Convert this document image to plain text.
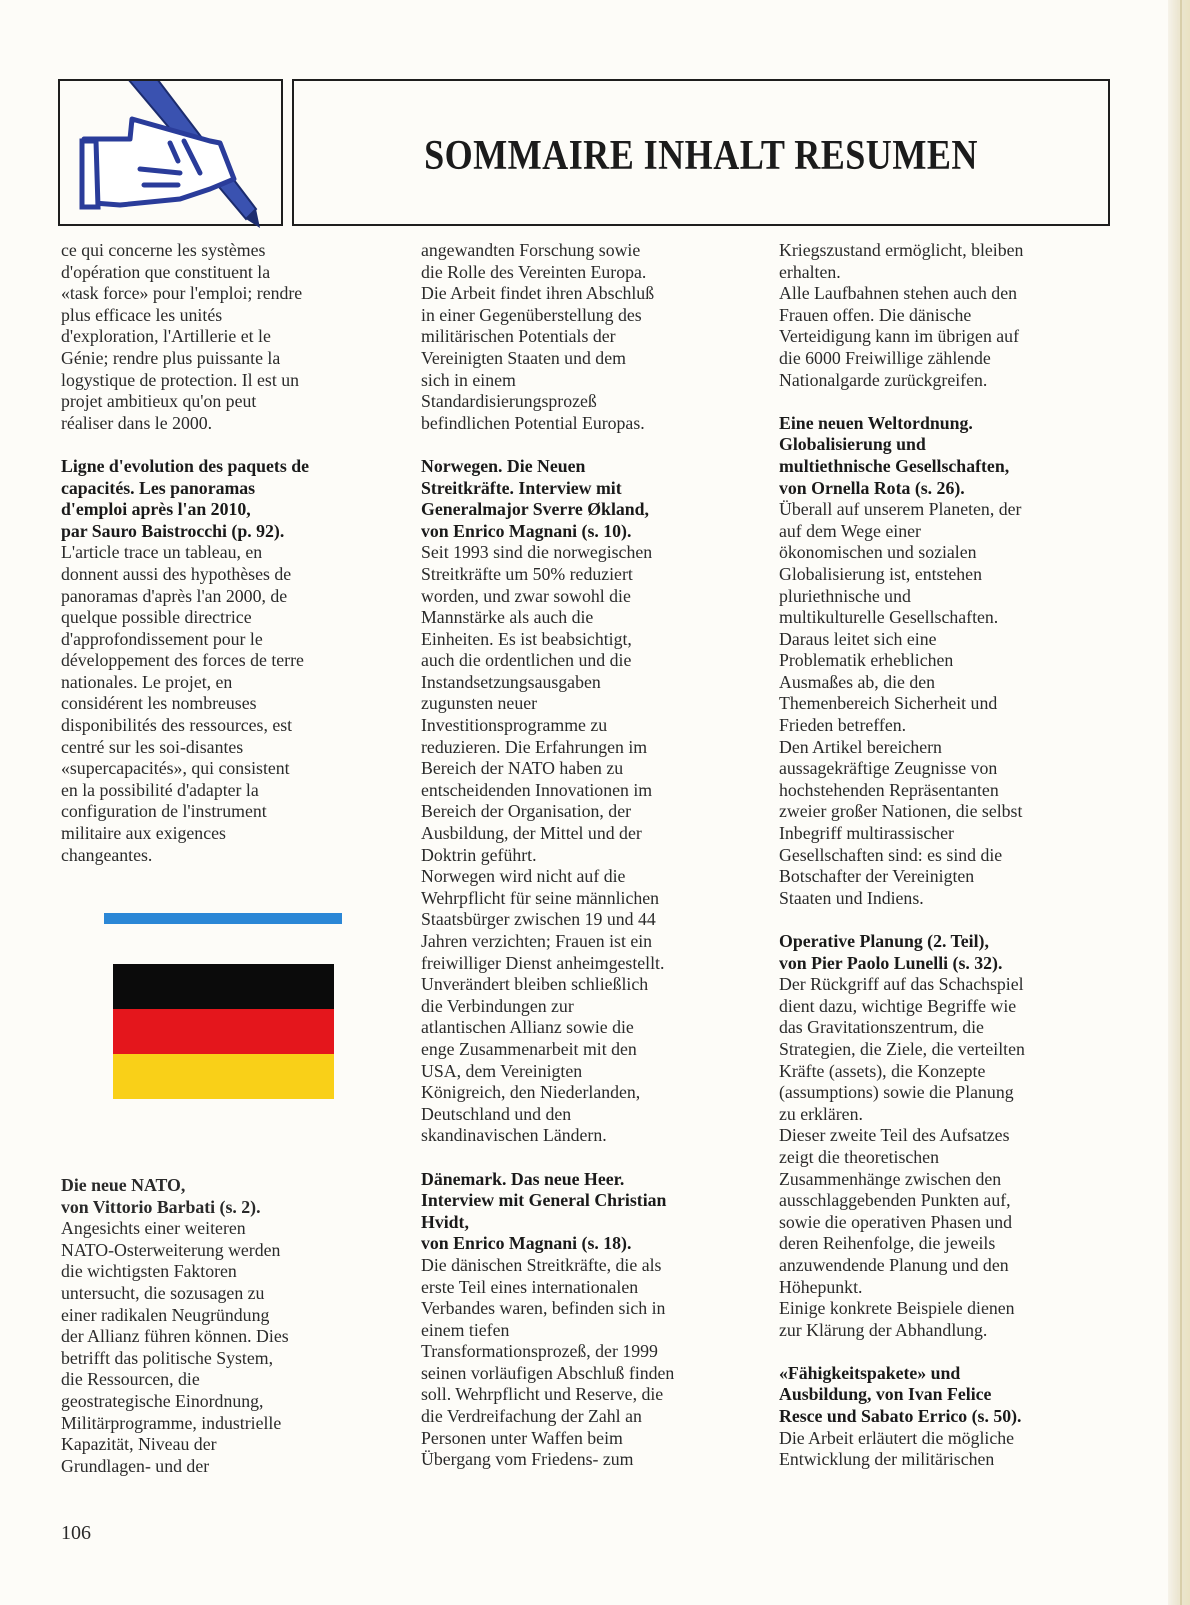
SOMMAIRE INHALT RESUMEN

ce qui concerne les systèmes

d'opération que constituent la

«task force» pour l'emploi; rendre

plus efficace les unités

d'exploration, l'Artillerie et le

Génie; rendre plus puissante la

logystique de protection. Il est un

projet ambitieux qu'on peut

réaliser dans le 2000.

Ligne d'evolution des paquets de

capacités. Les panoramas

d'emploi après l'an 2010,

par Sauro Baistrocchi (p. 92).

L'article trace un tableau, en

donnent aussi des hypothèses de

panoramas d'après l'an 2000, de

quelque possible directrice

d'approfondissement pour le

développement des forces de terre

nationales. Le projet, en

considérent les nombreuses

disponibilités des ressources, est

centré sur les soi-disantes

«supercapacités», qui consistent

en la possibilité d'adapter la

configuration de l'instrument

militaire aux exigences

changeantes.

Die neue NATO,

von Vittorio Barbati (s. 2).

Angesichts einer weiteren

NATO-Osterweiterung werden

die wichtigsten Faktoren

untersucht, die sozusagen zu

einer radikalen Neugründung

der Allianz führen können. Dies

betrifft das politische System,

die Ressourcen, die

geostrategische Einordnung,

Militärprogramme, industrielle

Kapazität, Niveau der

Grundlagen- und der

angewandten Forschung sowie

die Rolle des Vereinten Europa.

Die Arbeit findet ihren Abschluß

in einer Gegenüberstellung des

militärischen Potentials der

Vereinigten Staaten und dem

sich in einem

Standardisierungsprozeß

befindlichen Potential Europas.

Norwegen. Die Neuen

Streitkräfte. Interview mit

Generalmajor Sverre Økland,

von Enrico Magnani (s. 10).

Seit 1993 sind die norwegischen

Streitkräfte um 50% reduziert

worden, und zwar sowohl die

Mannstärke als auch die

Einheiten. Es ist beabsichtigt,

auch die ordentlichen und die

Instandsetzungsausgaben

zugunsten neuer

Investitionsprogramme zu

reduzieren. Die Erfahrungen im

Bereich der NATO haben zu

entscheidenden Innovationen im

Bereich der Organisation, der

Ausbildung, der Mittel und der

Doktrin geführt.

Norwegen wird nicht auf die

Wehrpflicht für seine männlichen

Staatsbürger zwischen 19 und 44

Jahren verzichten; Frauen ist ein

freiwilliger Dienst anheimgestellt.

Unverändert bleiben schließlich

die Verbindungen zur

atlantischen Allianz sowie die

enge Zusammenarbeit mit den

USA, dem Vereinigten

Königreich, den Niederlanden,

Deutschland und den

skandinavischen Ländern.

Dänemark. Das neue Heer.

Interview mit General Christian

Hvidt,

von Enrico Magnani (s. 18).

Die dänischen Streitkräfte, die als

erste Teil eines internationalen

Verbandes waren, befinden sich in

einem tiefen

Transformationsprozeß, der 1999

seinen vorläufigen Abschluß finden

soll. Wehrpflicht und Reserve, die

die Verdreifachung der Zahl an

Personen unter Waffen beim

Übergang vom Friedens- zum

Kriegszustand ermöglicht, bleiben

erhalten.

Alle Laufbahnen stehen auch den

Frauen offen. Die dänische

Verteidigung kann im übrigen auf

die 6000 Freiwillige zählende

Nationalgarde zurückgreifen.

Eine neuen Weltordnung.

Globalisierung und

multiethnische Gesellschaften,

von Ornella Rota (s. 26).

Überall auf unserem Planeten, der

auf dem Wege einer

ökonomischen und sozialen

Globalisierung ist, entstehen

pluriethnische und

multikulturelle Gesellschaften.

Daraus leitet sich eine

Problematik erheblichen

Ausmaßes ab, die den

Themenbereich Sicherheit und

Frieden betreffen.

Den Artikel bereichern

aussagekräftige Zeugnisse von

hochstehenden Repräsentanten

zweier großer Nationen, die selbst

Inbegriff multirassischer

Gesellschaften sind: es sind die

Botschafter der Vereinigten

Staaten und Indiens.

Operative Planung (2. Teil),

von Pier Paolo Lunelli (s. 32).

Der Rückgriff auf das Schachspiel

dient dazu, wichtige Begriffe wie

das Gravitationszentrum, die

Strategien, die Ziele, die verteilten

Kräfte (assets), die Konzepte

(assumptions) sowie die Planung

zu erklären.

Dieser zweite Teil des Aufsatzes

zeigt die theoretischen

Zusammenhänge zwischen den

ausschlaggebenden Punkten auf,

sowie die operativen Phasen und

deren Reihenfolge, die jeweils

anzuwendende Planung und den

Höhepunkt.

Einige konkrete Beispiele dienen

zur Klärung der Abhandlung.

«Fähigkeitspakete» und

Ausbildung, von Ivan Felice

Resce und Sabato Errico (s. 50).

Die Arbeit erläutert die mögliche

Entwicklung der militärischen

106
